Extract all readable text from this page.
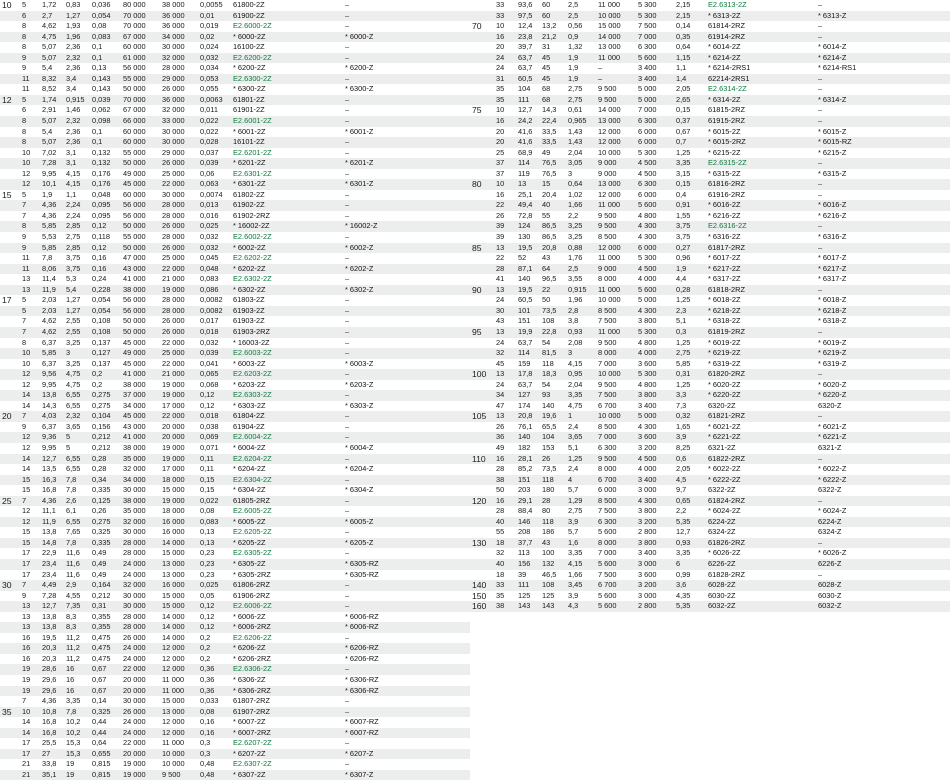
10	5	1,72	0,83	0,036	80 000	38 000	0,0055	61800-2Z	–
	6	2,7	1,27	0,054	70 000	36 000	0,01	61900-2Z	–
	8	4,62	1,93	0,08	70 000	36 000	0,019	E2.6000-2Z	–
	8	4,75	1,96	0,083	67 000	34 000	0,02	* 6000-2Z	* 6000-Z
	8	5,07	2,36	0,1	60 000	30 000	0,024	16100-2Z	–
	9	5,07	2,32	0,1	61 000	32 000	0,032	E2.6200-2Z	–
	9	5,4	2,36	0,13	56 000	28 000	0,034	* 6200-2Z	* 6200-Z
	11	8,32	3,4	0,143	55 000	29 000	0,053	E2.6300-2Z	–
	11	8,52	3,4	0,143	50 000	26 000	0,055	* 6300-2Z	* 6300-Z
12	5	1,74	0,915	0,039	70 000	36 000	0,0063	61801-2Z	–
	6	2,91	1,46	0,062	67 000	32 000	0,011	61901-2Z	–
	8	5,07	2,32	0,098	66 000	33 000	0,022	E2.6001-2Z	–
	8	5,4	2,36	0,1	60 000	30 000	0,022	* 6001-2Z	* 6001-Z
	8	5,07	2,36	0,1	60 000	30 000	0,028	16101-2Z	–
	10	7,02	3,1	0,132	55 000	29 000	0,037	E2.6201-2Z	–
	10	7,28	3,1	0,132	50 000	26 000	0,039	* 6201-2Z	* 6201-Z
	12	9,95	4,15	0,176	49 000	25 000	0,06	E2.6301-2Z	–
	12	10,1	4,15	0,176	45 000	22 000	0,063	* 6301-2Z	* 6301-Z
15	5	1,9	1,1	0,048	60 000	30 000	0,0074	61802-2Z	–
	7	4,36	2,24	0,095	56 000	28 000	0,013	61902-2Z	–
	7	4,36	2,24	0,095	56 000	28 000	0,016	61902-2RZ	–
	8	5,85	2,85	0,12	50 000	26 000	0,025	* 16002-2Z	* 16002-Z
	9	5,53	2,75	0,118	55 000	28 000	0,032	E2.6002-2Z	–
	9	5,85	2,85	0,12	50 000	26 000	0,032	* 6002-2Z	* 6002-Z
	11	7,8	3,75	0,16	47 000	25 000	0,045	E2.6202-2Z	–
	11	8,06	3,75	0,16	43 000	22 000	0,048	* 6202-2Z	* 6202-Z
	13	11,4	5,3	0,24	41 000	21 000	0,083	E2.6302-2Z	–
	13	11,9	5,4	0,228	38 000	19 000	0,086	* 6302-2Z	* 6302-Z
17	5	2,03	1,27	0,054	56 000	28 000	0,0082	61803-2Z	–
	5	2,03	1,27	0,054	56 000	28 000	0,0082	61903-2Z	–
	7	4,62	2,55	0,108	50 000	26 000	0,017	61903-2Z	–
	7	4,62	2,55	0,108	50 000	26 000	0,018	61903-2RZ	–
	8	6,37	3,25	0,137	45 000	22 000	0,032	* 16003-2Z	–
	10	5,85	3	0,127	49 000	25 000	0,039	E2.6003-2Z	–
	10	6,37	3,25	0,137	45 000	22 000	0,041	* 6003-2Z	* 6003-Z
	12	9,56	4,75	0,2	41 000	21 000	0,065	E2.6203-2Z	–
	12	9,95	4,75	0,2	38 000	19 000	0,068	* 6203-2Z	* 6203-Z
	14	13,8	6,55	0,275	37 000	19 000	0,12	E2.6303-2Z	–
	14	14,3	6,55	0,275	34 000	17 000	0,12	* 6303-2Z	* 6303-Z
20	7	4,03	2,32	0,104	45 000	22 000	0,018	61804-2Z	–
	9	6,37	3,65	0,156	43 000	20 000	0,038	61904-2Z	–
	12	9,36	5	0,212	41 000	20 000	0,069	E2.6004-2Z	–
	12	9,95	5	0,212	38 000	19 000	0,071	* 6004-2Z	* 6004-Z
	14	12,7	6,55	0,28	35 000	19 000	0,11	E2.6204-2Z	–
	14	13,5	6,55	0,28	32 000	17 000	0,11	* 6204-2Z	* 6204-Z
	15	16,3	7,8	0,34	34 000	18 000	0,15	E2.6304-2Z	–
	15	16,8	7,8	0,335	30 000	15 000	0,15	* 6304-2Z	* 6304-Z
25	7	4,36	2,6	0,125	38 000	19 000	0,022	61805-2RZ	–
	12	11,1	6,1	0,26	35 000	18 000	0,08	E2.6005-2Z	–
	12	11,9	6,55	0,275	32 000	16 000	0,083	* 6005-2Z	* 6005-Z
	15	13,8	7,65	0,325	30 000	16 000	0,13	E2.6205-2Z	–
	15	14,8	7,8	0,335	28 000	14 000	0,13	* 6205-2Z	* 6205-Z
	17	22,9	11,6	0,49	28 000	15 000	0,23	E2.6305-2Z	–
	17	23,4	11,6	0,49	24 000	13 000	0,23	* 6305-2Z	* 6305-RZ
	17	23,4	11,6	0,49	24 000	13 000	0,23	* 6305-2RZ	* 6305-RZ
30	7	4,49	2,9	0,164	32 000	16 000	0,025	61806-2RZ	–
	9	7,28	4,55	0,212	30 000	15 000	0,05	61906-2RZ	–
	13	12,7	7,35	0,31	30 000	15 000	0,12	E2.6006-2Z	–
	13	13,8	8,3	0,355	28 000	14 000	0,12	* 6006-2Z	* 6006-RZ
	13	13,8	8,3	0,355	28 000	14 000	0,12	* 6006-2RZ	* 6006-RZ
	16	19,5	11,2	0,475	26 000	14 000	0,2	E2.6206-2Z	–
	16	20,3	11,2	0,475	24 000	12 000	0,2	* 6206-2Z	* 6206-RZ
	16	20,3	11,2	0,475	24 000	12 000	0,2	* 6206-2RZ	* 6206-RZ
	19	28,6	16	0,67	22 000	12 000	0,36	E2.6306-2Z	–
	19	29,6	16	0,67	20 000	11 000	0,36	* 6306-2Z	* 6306-RZ
	19	29,6	16	0,67	20 000	11 000	0,36	* 6306-2RZ	* 6306-RZ
	7	4,36	3,35	0,14	30 000	15 000	0,033	61807-2RZ	–
35	10	10,8	7,8	0,325	26 000	13 000	0,08	61907-2RZ	–
	14	16,8	10,2	0,44	24 000	12 000	0,16	* 6007-2Z	* 6007-RZ
	14	16,8	10,2	0,44	24 000	12 000	0,16	* 6007-2RZ	* 6007-RZ
	17	25,5	15,3	0,64	22 000	11 000	0,3	E2.6207-2Z	–
	17	27	15,3	0,655	20 000	10 000	0,3	* 6207-2Z	* 6207-Z
	21	33,8	19	0,815	19 000	10 000	0,48	E2.6307-2Z	–
	21	35,1	19	0,815	19 000	9 500	0,48	* 6307-2Z	* 6307-Z
	33	93,6	60	2,5	11 000	5 300	2,15	E2.6313-2Z	–
	33	97,5	60	2,5	10 000	5 300	2,15	* 6313-2Z	* 6313-Z
70	10	12,4	13,2	0,56	15 000	7 500	0,14	61814-2RZ	–
	16	23,8	21,2	0,9	14 000	7 000	0,35	61914-2RZ	–
	20	39,7	31	1,32	13 000	6 300	0,64	* 6014-2Z	* 6014-Z
	24	63,7	45	1,9	11 000	5 600	1,15	* 6214-2Z	* 6214-Z
	24	63,7	45	1,9	–	3 400	1,1	* 6214-2RS1	* 6214-RS1
	31	60,5	45	1,9	–	3 400	1,4	62214-2RS1	–
	35	104	68	2,75	9 500	5 000	2,05	E2.6314-2Z	–
	35	111	68	2,75	9 500	5 000	2,65	* 6314-2Z	* 6314-Z
75	10	12,7	14,3	0,61	14 000	7 000	0,15	61815-2RZ	–
	16	24,2	22,4	0,965	13 000	6 300	0,37	61915-2RZ	–
	20	41,6	33,5	1,43	12 000	6 000	0,67	* 6015-2Z	* 6015-Z
	20	41,6	33,5	1,43	12 000	6 000	0,7	* 6015-2RZ	* 6015-RZ
	25	68,9	49	2,04	10 000	5 300	1,25	* 6215-2Z	* 6215-Z
	37	114	76,5	3,05	9 000	4 500	3,35	E2.6315-2Z	–
	37	119	76,5	3	9 000	4 500	3,15	* 6315-2Z	* 6315-Z
80	10	13	15	0,64	13 000	6 300	0,15	61816-2RZ	–
	16	25,1	20,4	1,02	12 000	6 000	0,4	61916-2RZ	–
	22	49,4	40	1,66	11 000	5 600	0,91	* 6016-2Z	* 6016-Z
	26	72,8	55	2,2	9 500	4 800	1,55	* 6216-2Z	* 6216-Z
	39	124	86,5	3,25	9 500	4 300	3,75	E2.6316-2Z	–
	39	130	86,5	3,25	8 500	4 300	3,75	* 6316-2Z	* 6316-Z
85	13	19,5	20,8	0,88	12 000	6 000	0,27	61817-2RZ	–
	22	52	43	1,76	11 000	5 300	0,96	* 6017-2Z	* 6017-Z
	28	87,1	64	2,5	9 000	4 500	1,9	* 6217-2Z	* 6217-Z
	41	140	96,5	3,55	8 000	4 000	4,4	* 6317-2Z	* 6317-Z
90	13	19,5	22	0,915	11 000	5 600	0,28	61818-2RZ	–
	24	60,5	50	1,96	10 000	5 000	1,25	* 6018-2Z	* 6018-Z
	30	101	73,5	2,8	8 500	4 300	2,3	* 6218-2Z	* 6218-Z
	43	151	108	3,8	7 500	3 800	5,1	* 6318-2Z	* 6318-Z
95	13	19,9	22,8	0,93	11 000	5 300	0,3	61819-2RZ	–
	24	63,7	54	2,08	9 500	4 800	1,25	* 6019-2Z	* 6019-Z
	32	114	81,5	3	8 000	4 000	2,75	* 6219-2Z	* 6219-Z
	45	159	118	4,15	7 000	3 600	5,85	* 6319-2Z	* 6319-Z
100	13	17,8	18,3	0,95	10 000	5 300	0,31	61820-2RZ	–
	24	63,7	54	2,04	9 500	4 800	1,25	* 6020-2Z	* 6020-Z
	34	127	93	3,35	7 500	3 800	3,3	* 6220-2Z	* 6220-Z
	47	174	140	4,75	6 700	3 400	7,3	6320-2Z	6320-Z
105	13	20,8	19,6	1	10 000	5 000	0,32	61821-2RZ	–
	26	76,1	65,5	2,4	8 500	4 300	1,65	* 6021-2Z	* 6021-Z
	36	140	104	3,65	7 000	3 600	3,9	* 6221-2Z	* 6221-Z
	49	182	153	5,1	6 300	3 200	8,25	6321-2Z	6321-Z
110	16	28,1	26	1,25	9 500	4 500	0,6	61822-2RZ	–
	28	85,2	73,5	2,4	8 000	4 000	2,05	* 6022-2Z	* 6022-Z
	38	151	118	4	6 700	3 400	4,5	* 6222-2Z	* 6222-Z
	50	203	180	5,7	6 000	3 000	9,7	6322-2Z	6322-Z
120	16	29,1	28	1,29	8 500	4 300	0,65	61824-2RZ	–
	28	88,4	80	2,75	7 500	3 800	2,2	* 6024-2Z	* 6024-Z
	40	146	118	3,9	6 300	3 200	5,35	6224-2Z	6224-Z
	55	208	186	5,7	5 600	2 800	12,7	6324-2Z	6324-Z
130	18	37,7	43	1,6	8 000	3 800	0,93	61826-2RZ	–
	32	113	100	3,35	7 000	3 400	3,35	* 6026-2Z	* 6026-Z
	40	156	132	4,15	5 600	3 000	6	6226-2Z	6226-Z
	18	39	46,5	1,66	7 500	3 600	0,99	61828-2RZ	–
140	33	111	108	3,45	6 700	3 200	3,6	6028-2Z	6028-Z
150	35	125	125	3,9	5 600	3 000	4,35	6030-2Z	6030-Z
160	38	143	143	4,3	5 600	2 800	5,35	6032-2Z	6032-Z
